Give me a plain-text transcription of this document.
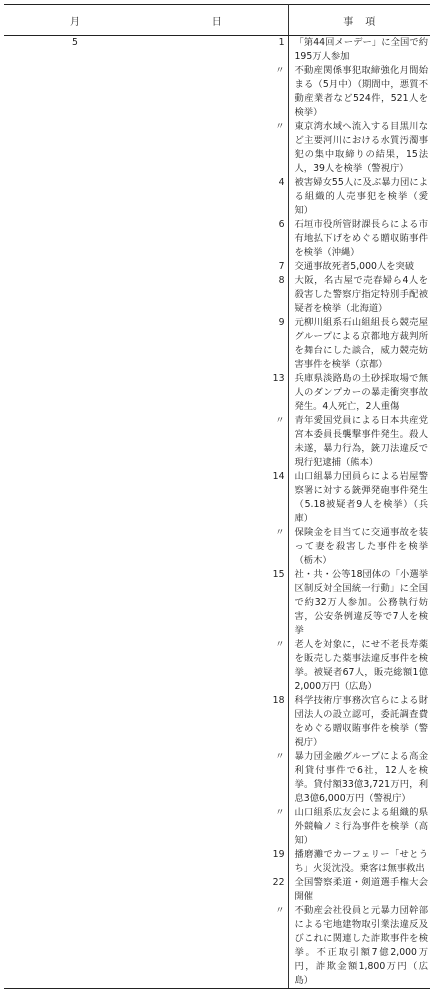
月	日	事項
5	1	「第44回メーデー」に全国で約195万人参加
	〃	不動産関係事犯取締強化月間始まる（5月中）（期間中，悪質不動産業者など524件，521人を検挙）
	〃	東京湾水域へ流入する目黒川など主要河川における水質汚濁事犯の集中取締りの結果，15法人，39人を検挙（警視庁）
	4	被害婦女55人に及ぶ暴力団による組織的人売事犯を検挙（愛知）
	6	石垣市役所管財課長らによる市有地払下げをめぐる贈収賄事件を検挙（沖縄）
	7	交通事故死者5,000人を突破
	8	大阪，名古屋で売春婦ら4人を殺害した警察庁指定特別手配被疑者を検挙（北海道）
	9	元柳川組系石山組組長ら競売屋グループによる京都地方裁判所を舞台にした談合，威力競売妨害事件を検挙（京都）
	13	兵庫県淡路島の土砂採取場で無人のダンプカーの暴走衝突事故発生。4人死亡，2人重傷
	〃	青年愛国党員による日本共産党宮本委員長襲撃事件発生。殺人未遂，暴力行為，銃刀法違反で現行犯逮捕（熊本）
	14	山口組暴力団員らによる岩屋警察署に対する銃弾発砲事件発生（5.18被疑者9人を検挙）（兵庫）
	〃	保険金を目当てに交通事故を装って妻を殺害した事件を検挙（栃木）
	15	社・共・公等18団体の「小選挙区制反対全国統一行動」に全国で約32万人参加。公務執行妨害，公安条例違反等で7人を検挙
	〃	老人を対象に，にせ不老長寿薬を販売した薬事法違反事件を検挙。被疑者67人，販売総額1億2,000万円（広島）
	18	科学技術庁事務次官らによる財団法人の設立認可，委託調査費をめぐる贈収賄事件を検挙（警視庁）
	〃	暴力団金融グループによる高金利貸付事件で6社，12人を検挙。貸付額33億3,721万円，利息3億6,000万円（警視庁）
	〃	山口組系広友会による組織的県外競輪ノミ行為事件を検挙（高知）
	19	播磨灘でカーフェリー「せとうち」火災沈没。乗客は無事救出
	22	全国警察柔道・剣道選手権大会開催
	〃	不動産会社役員と元暴力団幹部による宅地建物取引業法違反及びこれに関連した詐欺事件を検挙。不正取引額7億2,000万円，詐欺金額1,800万円（広島）
